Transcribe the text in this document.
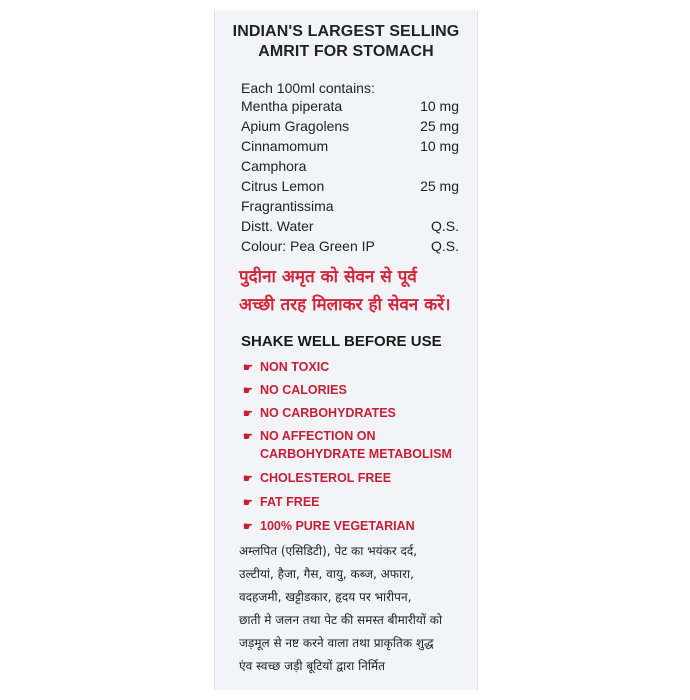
INDIAN'S LARGEST SELLING
AMRIT FOR STOMACH
Each 100ml contains:
Mentha piperata	10 mg
Apium Gragolens	25 mg
Cinnamomum	10 mg
Camphora
Citrus Lemon	25 mg
Fragrantissima
Distt. Water	Q.S.
Colour: Pea Green IP	Q.S.
पुदीना अमृत को सेवन से पूर्व
अच्छी तरह मिलाकर ही सेवन करें।
SHAKE WELL BEFORE USE
☛ NON TOXIC
☛ NO CALORIES
☛ NO CARBOHYDRATES
☛ NO AFFECTION ON
CARBOHYDRATE METABOLISM
☛ CHOLESTEROL FREE
☛ FAT FREE
☛ 100% PURE VEGETARIAN
अम्लपित (एसिडिटी), पेट का भयंकर दर्द,
उल्टीयां, हैजा, गैस, वायु, कब्ज, अफारा,
वदहजमी, खट्टीडकार, हृदय पर भारीपन,
छाती मे जलन तथा पेट की समस्त बीमारीयों को
जड़मूल से नष्ट करने वाला तथा प्राकृतिक शुद्ध
एंव स्वच्छ जड़ी बूटियों द्वारा निर्मित
